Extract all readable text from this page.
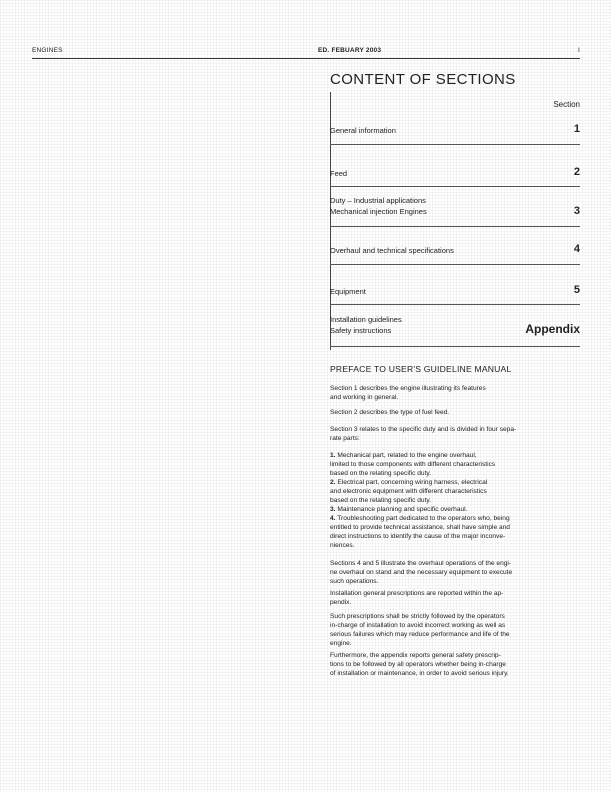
ENGINES	ED. FEBUARY 2003	I
CONTENT OF SECTIONS
Section
General information	1
Feed	2
Duty – Industrial applications
Mechanical injection Engines	3
Overhaul and technical specifications	4
Equipment	5
Installation guidelines
Safety instructions	Appendix
PREFACE TO USER'S GUIDELINE MANUAL
Section 1 describes the engine illustrating its features
and working in general.
Section 2 describes the type of fuel feed.
Section 3 relates to the specific duty and is divided in four sepa-
rate parts:
1. Mechanical part, related to the engine overhaul,
limited to those components with different characteristics
based on the relating specific duty.
2. Electrical part, concerning wiring harness, electrical
and electronic equipment with different characteristics
based on the relating specific duty.
3. Maintenance planning and specific overhaul.
4. Troubleshooting part dedicated to the operators who, being
entitled to provide technical assistance, shall have simple and
direct instructions to identify the cause of the major inconve-
niences.
Sections 4 and 5 illustrate the overhaul operations of the engi-
ne overhaul on stand and the necessary equipment to execute
such operations.
Installation general prescriptions are reported within the ap-
pendix.
Such prescriptions shall be strictly followed by the operators
in-charge of installation to avoid incorrect working as well as
serious failures which may reduce performance and life of the
engine.
Furthermore, the appendix reports general safety prescrip-
tions to be followed by all operators whether being in-charge
of installation or maintenance, in order to avoid serious injury.
